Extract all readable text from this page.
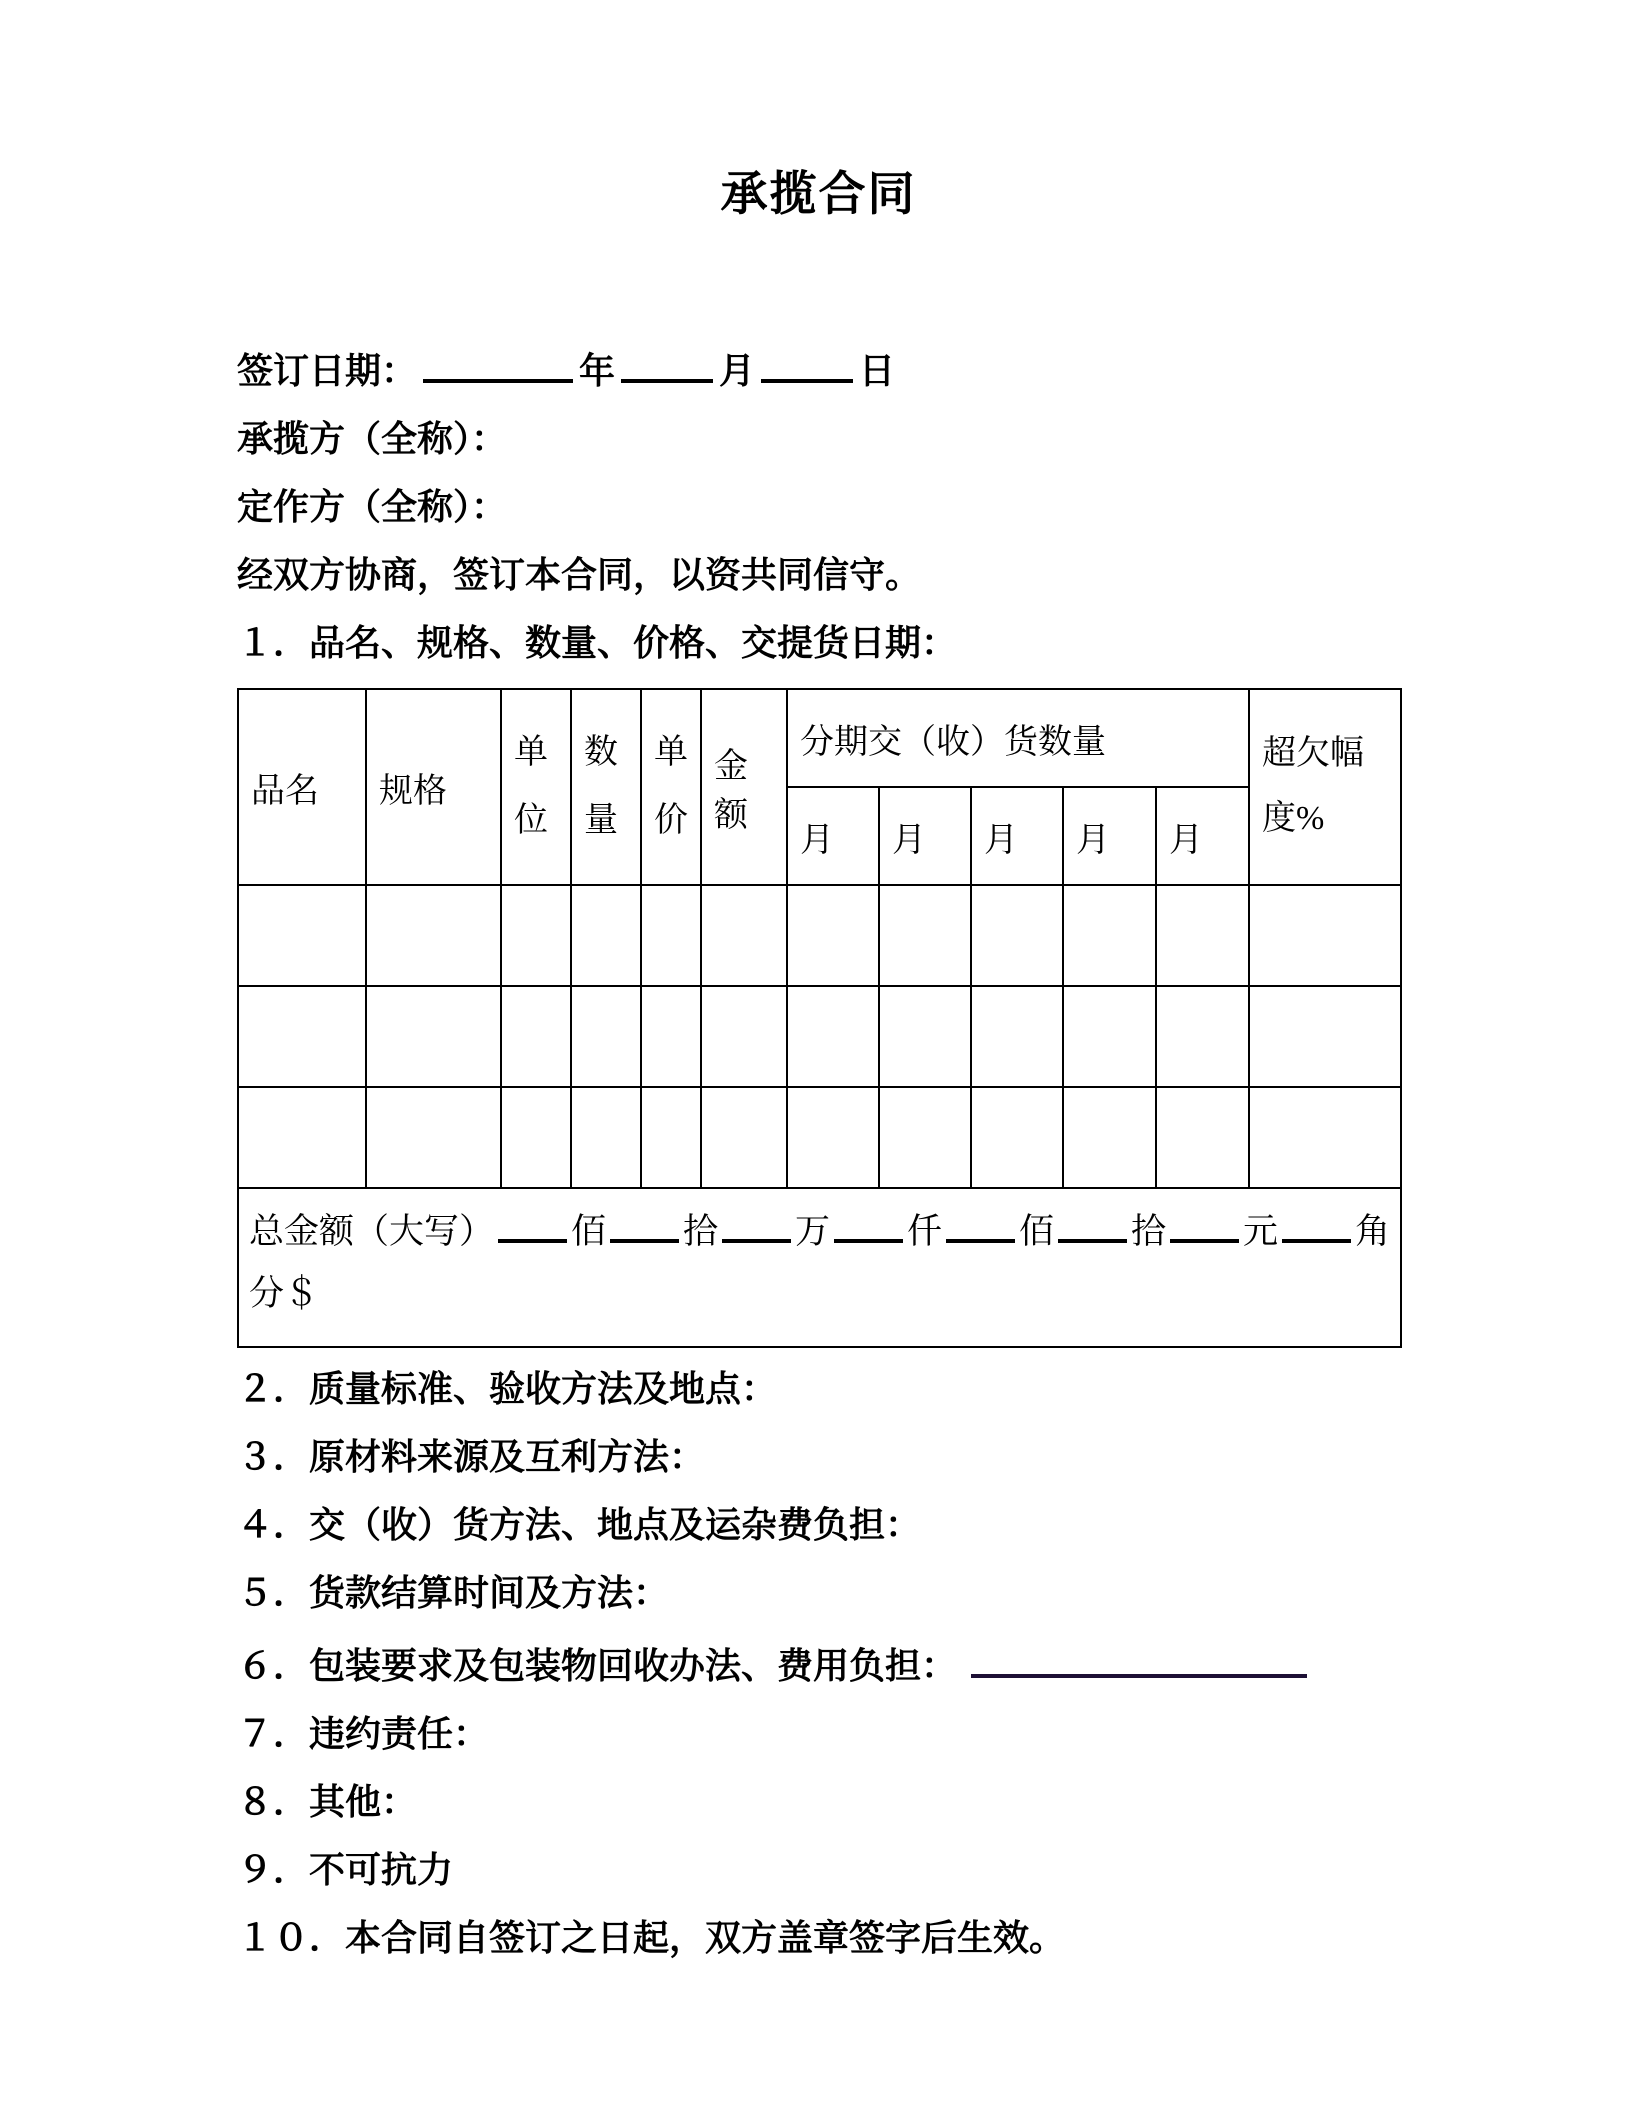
承揽合同

签订日期：	年	月	日

承揽方（全称）：

定作方（全称）：

经双方协商，签订本合同，以资共同信守。

１．品名、规格、数量、价格、交提货日期：

品名	规格	单位	数量	单价	金额	分期交（收）货数量					超欠幅度%
						月	月	月	月	月	

总金额（大写） 佰 拾 万 仟 佰 拾 元 角
分＄

２．质量标准、验收方法及地点：

３．原材料来源及互利方法：

４．交（收）货方法、地点及运杂费负担：

５．货款结算时间及方法：

６．包装要求及包装物回收办法、费用负担：

７．违约责任：

８．其他：

９．不可抗力

１０．本合同自签订之日起，双方盖章签字后生效。
